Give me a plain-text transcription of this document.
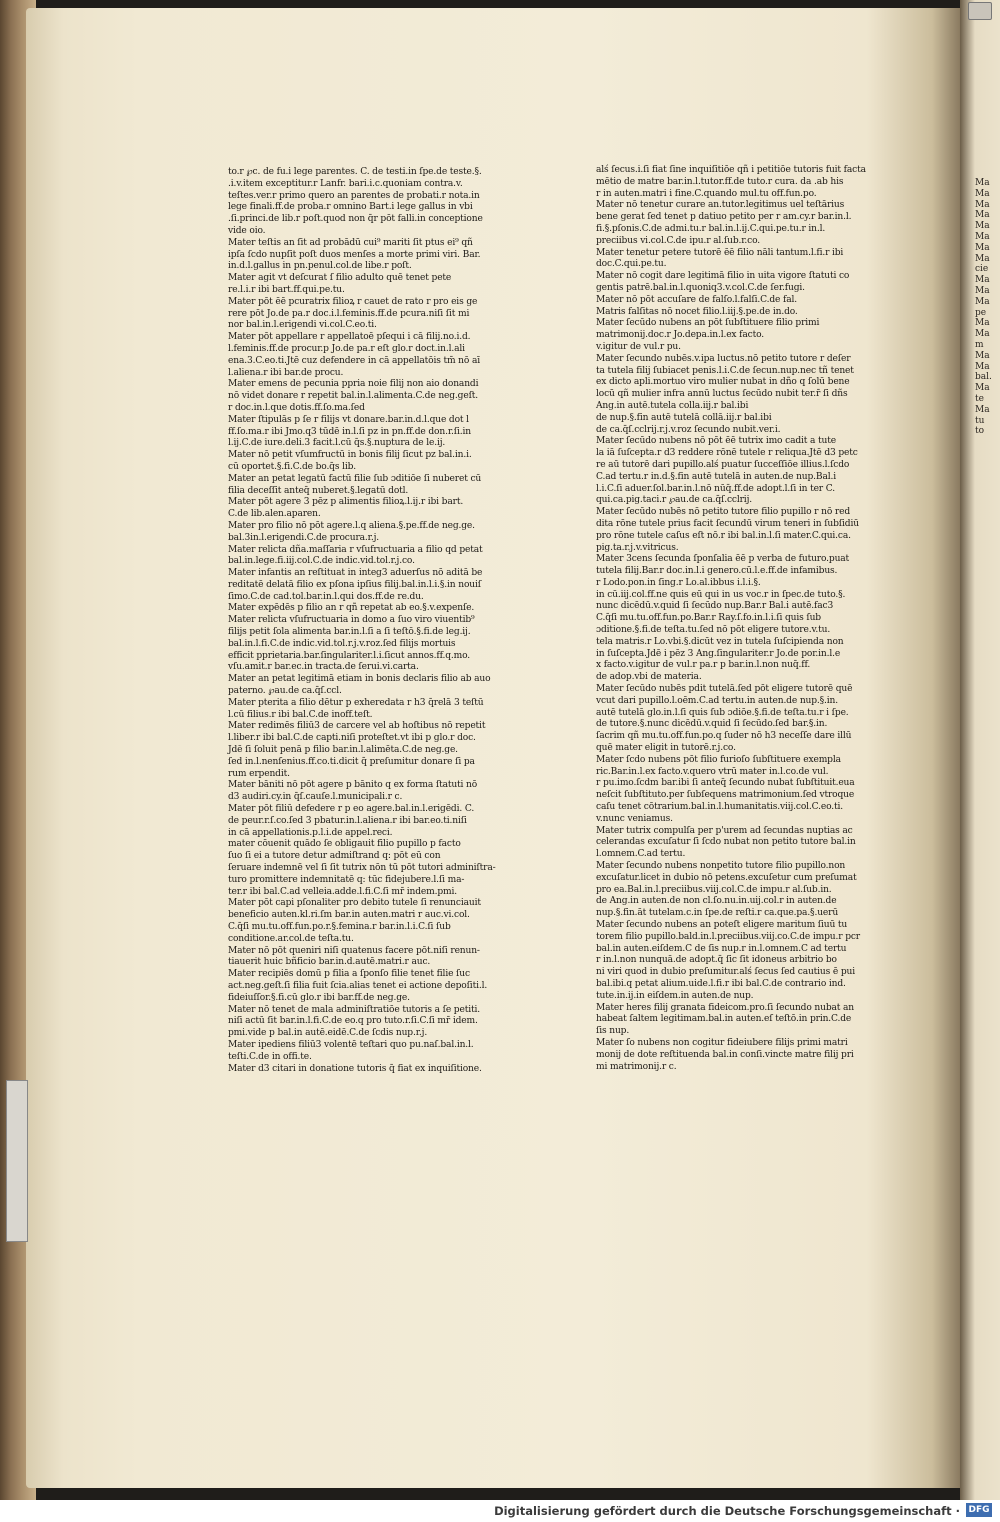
to.r ℘c. de fu.i lege parentes. C. de testi.in ſpe.de teste.§.

.i.v.item exceptitur.r Lanfr. bari.i.c.quoniam contra.v.

teſtes.ver.r primo quero an parentes de probati.r nota.in

lege finali.ff.de proba.r omnino Bart.i lege gallus in vbi

.ſi.princi.de lib.r poſt.quod non q̄r pōt falli.in conceptione

vide oio.

Mater teſtis an ſit ad probādū cui⁹ mariti ſit ptus ei⁹ qñ

ipſa ſcdo nupſit poſt duos menſes a morte primi viri. Bar.

in.d.l.gallus in pn.penul.col.de libe.r poſt.

Mater agit vt deſcurat ſ filio adulto quē tenet pete

re.l.i.r ibi bart.ff.qui.pe.tu.

Mater pōt ēē pcuratrix filioꝝ r cauet de rato r pro eis ge

rere pōt Jo.de pa.r doc.i.l.feminis.ff.de pcura.niſi ſit mi

nor bal.in.l.erigendi vi.col.C.eo.ti.

Mater pōt appellare r appellatoē pſequi i cā filij.no.i.d.

l.feminis.ff.de procur.p Jo.de pa.r eſt glo.r doct.in.l.ali

ena.3.C.eo.ti.Jtē cuz defendere in cā appellatōis tm̄ nō aī

l.aliena.r ibi bar.de procu.

Mater emens de pecunia ppria noie filij non aio donandi

nō videt donare r repetit bal.in.l.alimenta.C.de neg.geſt.

r doc.in.l.que dotis.ff.ſo.ma.ſed

Mater ſtipulās p ſe r filijs vt donare.bar.in.d.l.que dot l

ff.ſo.ma.r ibi Jmo.q3 tūdē in.l.ſi pz in pn.ff.de don.r.ſi.in

l.ij.C.de iure.deli.3 facit.l.cū q̄s.§.nuptura de le.ij.

Mater nō petit vſumfructū in bonis filij ſicut pz bal.in.i.

cū oportet.§.fi.C.de bo.q̄s lib.

Mater an petat legatū factū filie ſub ɔditiōe ſi nuberet cū

filia deceſſit anteq̄ nuberet.§.legatū dotl.

Mater pōt agere 3 pēz p alimentis filioꝝ.l.ij.r ibi bart.

C.de lib.alen.aparen.

Mater pro filio nō pōt agere.l.q aliena.§.pe.ff.de neg.ge.

bal.3in.l.erigendi.C.de procura.r.j.

Mater relicta dña.maſſaria r vſufructuaria a filio qd petat

bal.in.lege.fi.iij.col.C.de indic.vid.tol.r.j.co.

Mater infantis an reſtituat in integ3 aduerſus nō aditā be

reditatē delatā filio ex pſona ipſius filij.bal.in.l.i.§.in nouiſ

ſimo.C.de cad.tol.bar.in.l.qui dos.ff.de re.du.

Mater expēdēs p filio an r qñ repetat ab eo.§.v.expenſe.

Mater relicta vſufructuaria in domo a ſuo viro viuentib⁹

filijs petit ſola alimenta bar.in.l.ſi a ſi teſtō.§.fi.de leg.ij.

bal.in.l.fi.C.de indic.vid.tol.r.j.v.roz.ſed filijs mortuis

efficit pprietaria.bar.ſingulariter.l.i.ſicut annos.ff.q.mo.

vſu.amit.r bar.ec.in tracta.de ſerui.vi.carta.

Mater an petat legitimā etiam in bonis declaris filio ab auo

paterno. ℘au.de ca.q̄ſ.ccl.

Mater pterita a filio dētur p exheredata r h3 q̄relā 3 teſtū

l.cū filius.r ibi bal.C.de inoff.teſt.

Mater redimēs filiū3 de carcere vel ab hoſtibus nō repetit

l.liber.r ibi bal.C.de capti.niſi proteſtet.vt ibi p glo.r doc.

Jdē ſi ſoluit penā p filio bar.in.l.alimēta.C.de neg.ge.

ſed in.l.nenſenius.ff.co.ti.dicit q̄ preſumitur donare ſi pa

rum erpendit.

Mater bāniti nō pōt agere p bānito q ex forma ſtatuti nō

d3 audiri.cy.in q̄ſ.cauſe.l.municipali.r c.

Mater pōt filiū defedere r p eo agere.bal.in.l.erigēdi. C.

de peur.r.ſ.co.ſed 3 pbatur.in.l.aliena.r ibi bar.eo.ti.niſi

in cā appellationis.p.l.i.de appel.reci.

mater cōuenit quādo ſe obligauit filio pupillo p facto

ſuo ſi ei a tutore detur admiſtrand q: pōt eū con

ſeruare indemnē vel ſi ſit tutrix nōn tū pōt tutori adminiſtra-

turo promittere indemnitatē q: tūc fidejubere.l.ſi ma-

ter.r ibi bal.C.ad velleia.adde.l.fi.C.ſi mr̄ indem.pmi.

Mater pōt capi pſonaliter pro debito tutele ſi renunciauit

beneficio auten.kl.ri.ſm bar.in auten.matri r auc.vi.col.

C.q̄ſi mu.tu.off.fun.po.r.§.femina.r bar.in.l.i.C.ſi ſub

conditione.ar.col.de teſta.tu.

Mater nō pōt queniri niſi quatenus facere pōt.niſi renun-

tiauerit huic bñficio bar.in.d.autē.matri.r auc.

Mater recipiēs domū p filia a ſponſo filie tenet filie ſuc

act.neg.geſt.ſi filia fuit ſcia.alias tenet ei actione depoſiti.l.

fideiuſſor.§.fi.cū glo.r ibi bar.ff.de neg.ge.

Mater nō tenet de mala adminiſtratiōe tutoris a ſe petiti.

niſi actū ſit bar.in.l.fi.C.de eo.q pro tuto.r.ſi.C.ſi mr̄ idem.

pmi.vide p bal.in autē.eidē.C.de ſcdis nup.r.j.

Mater ipediens filiū3 volentē teſtari quo pu.naſ.bal.in.l.

teſti.C.de in offi.te.

Mater d3 citari in donatione tutoris q̄ fiat ex inquiſitione.

alś ſecus.i.ſi fiat ſine inquiſitiōe qñ i petitiōe tutoris fuit facta

mētio de matre bar.in.l.tutor.ff.de tuto.r cura. da .ab his

r in auten.matri i fine.C.quando mul.tu off.fun.po.

Mater nō tenetur curare an.tutor.legitimus uel teſtārius

bene gerat ſed tenet p datiuo petito per r am.cy.r bar.in.l.

fi.§.pſonis.C.de admi.tu.r bal.in.l.ij.C.qui.pe.tu.r in.l.

preciibus vi.col.C.de ipu.r al.ſub.r.co.

Mater tenetur petere tutorē ēē filio nāli tantum.l.fi.r ibi

doc.C.qui.pe.tu.

Mater nō cogit dare legitimā filio in uita vigore ſtatuti co

gentis patrē.bal.in.l.quoniq3.v.col.C.de ſer.fugi.

Mater nō pōt accuſare de falſo.l.falſi.C.de fal.

Matris falſitas nō nocet filio.l.iij.§.pe.de in.do.

Mater ſecūdo nubens an pōt ſubſtituere filio primi

matrimonij.doc.r Jo.depa.in.l.ex facto.

v.igitur de vul.r pu.

Mater ſecundo nubēs.v.ipa luctus.nō petito tutore r deſer

ta tutela filij ſubiacet penis.l.i.C.de ſecun.nup.nec tñ tenet

ex dicto apli.mortuo viro mulier nubat in dño q ſolū bene

locū qñ mulier infra annū luctus ſecūdo nubit ter.r̄ ſi dñs

Ang.in autē.tutela colla.iij.r bal.ibi

de nup.§.fin autē tutelā collā.iij.r bal.ibi

de ca.q̄ſ.cclrij.r.j.v.roz ſecundo nubit.ver.i.

Mater ſecūdo nubens nō pōt ēē tutrix imo cadit a tute

la iā ſuſcepta.r d3 reddere rōnē tutele r reliqua.Jtē d3 petc

re aū tutorē dari pupillo.alś puatur ſucceſſiōe illius.l.ſcdo

C.ad tertu.r in.d.§.fin autē tutelā in auten.de nup.Bal.i

l.i.C.ſi aduer.ſol.bar.in.l.nō nūq̄.ff.de adopt.l.ſi in ter C.

qui.ca.pig.taci.r ℘au.de ca.q̄ſ.cclrij.

Mater ſecūdo nubēs nō petito tutore filio pupillo r nō red

dita rōne tutele prius facit ſecundū virum teneri in ſubſidiū

pro rōne tutele caſus eſt nō.r ibi bal.in.l.ſi mater.C.qui.ca.

pig.ta.r.j.v.vitricus.

Mater 3cens ſecunda ſponſalia ēē p verba de futuro.puat

tutela filij.Bar.r doc.in.l.i genero.cū.l.e.ff.de infamibus.

r Lodo.pon.in ſing.r Lo.al.ibbus i.l.i.§.

in cū.iij.col.ff.ne quis eū qui in us voc.r in ſpec.de tuto.§.

nunc dicēdū.v.quid ſi ſecūdo nup.Bar.r Bal.i autē.fac3

C.q̄ſi mu.tu.off.fun.po.Bar.r Ray.ſ.fo.in.l.i.ſi quis ſub

ɔditione.§.fi.de teſta.tu.ſed nō pōt eligere tutore.v.tu.

tela matris.r Lo.vbi.§.dicūt vez in tutela ſuſcipienda non

in ſuſcepta.Jdē i pēz 3 Ang.ſingulariter.r Jo.de por.in.l.e

x facto.v.igitur de vul.r pa.r p bar.in.l.non nuq̄.ff.

de adop.vbi de materia.

Mater ſecūdo nubēs pdit tutelā.ſed pōt eligere tutorē quē

vcut dari pupillo.l.oēm.C.ad tertu.in auten.de nup.§.in.

autē tutelā glo.in.l.ſi quis ſub ɔdiōe.§.fi.de teſta.tu.r i ſpe.

de tutore.§.nunc dicēdū.v.quid ſi ſecūdo.ſed bar.§.in.

ſacrim qñ mu.tu.off.fun.po.q ſuder nō h3 neceſſe dare illū

quē mater eligit in tutorē.r.j.co.

Mater ſcdo nubens pōt filio furioſo ſubſtituere exempla

ric.Bar.in.l.ex facto.v.quero vtrū mater in.l.co.de vul.

r pu.imo.ſcdm bar.ibi ſi anteq̄ ſecundo nubat ſubſtituit.eua

neſcit ſubſtituto.per ſubſequens matrimonium.ſed vtroque

caſu tenet cōtrarium.bal.in.l.humanitatis.viij.col.C.eo.ti.

v.nunc veniamus.

Mater tutrix compulſa per p'urem ad ſecundas nuptias ac

celerandas excuſatur ſi ſcdo nubat non petito tutore bal.in

l.omnem.C.ad tertu.

Mater ſecundo nubens nonpetito tutore filio pupillo.non

excuſatur.licet in dubio nō petens.excuſetur cum preſumat

pro ea.Bal.in.l.preciibus.viij.col.C.de impu.r al.ſub.in.

de Ang.in auten.de non cl.ſo.nu.in.uij.col.r in auten.de

nup.§.fin.āt tutelam.c.in ſpe.de reſti.r ca.que.pa.§.uerū

Mater ſecundo nubens an poteſt eligere maritum ſiuū tu

torem filio pupillo.bald.in.l.preciibus.viij.co.C.de impu.r pcr

bal.in auten.eiſdem.C de ſis nup.r in.l.omnem.C ad tertu

r in.l.non nunquā.de adopt.q̄ ſic ſit idoneus arbitrio bo

ni viri quod in dubio preſumitur.alś ſecus ſed cautius ē pui

bal.ibi.q petat alium.uide.l.fi.r ibi bal.C.de contrario ind.

tute.in.ij.in eiſdem.in auten.de nup.

Mater heres filij granata fideicom.pro.ſi ſecundo nubat an

habeat ſaltem legitimam.bal.in auten.eſ teſtō.in prin.C.de

ſis nup.

Mater ſo nubens non cogitur fideiubere filijs primi matri

monij de dote reſtituenda bal.in conſi.vincte matre filij pri

mi matrimonij.r c.

Ma

Ma

Ma

Ma

Ma

Ma

Ma

Ma

cie

Ma

Ma

Ma

pe

Ma

Ma

m

Ma

Ma

bal.

Ma

te

Ma

tu

to

Digitalisierung gefördert durch die Deutsche Forschungsgemeinschaft · DFG
